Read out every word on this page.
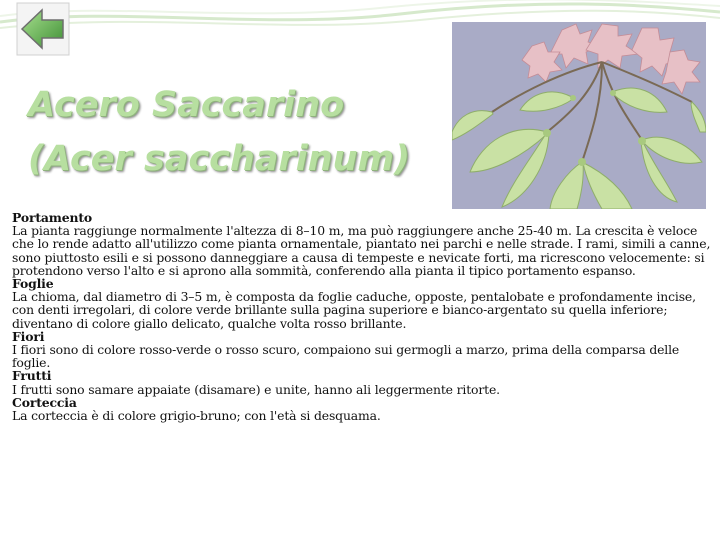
Acero Saccarino
(Acer saccharinum)

Portamento

La pianta raggiunge normalmente l'altezza di 8–10 m, ma può raggiungere anche 25-40 m. La crescita è veloce che lo rende adatto all'utilizzo come pianta ornamentale, piantato nei parchi e nelle strade. I rami, simili a canne, sono piuttosto esili e si possono danneggiare a causa di tempeste e nevicate forti, ma ricrescono velocemente: si protendono verso l'alto e si aprono alla sommità, conferendo alla pianta il tipico portamento espanso.

Foglie

La chioma, dal diametro di 3–5 m, è composta da foglie caduche, opposte, pentalobate e profondamente incise, con denti irregolari, di colore verde brillante sulla pagina superiore e bianco-argentato su quella inferiore; diventano di colore giallo delicato, qualche volta rosso brillante.

Fiori

I fiori sono di colore rosso-verde o rosso scuro, compaiono sui germogli a marzo, prima della comparsa delle foglie.

Frutti

I frutti sono samare appaiate (disamare) e unite, hanno ali leggermente ritorte.

Corteccia

La corteccia è di colore grigio-bruno; con l'età si desquama.
